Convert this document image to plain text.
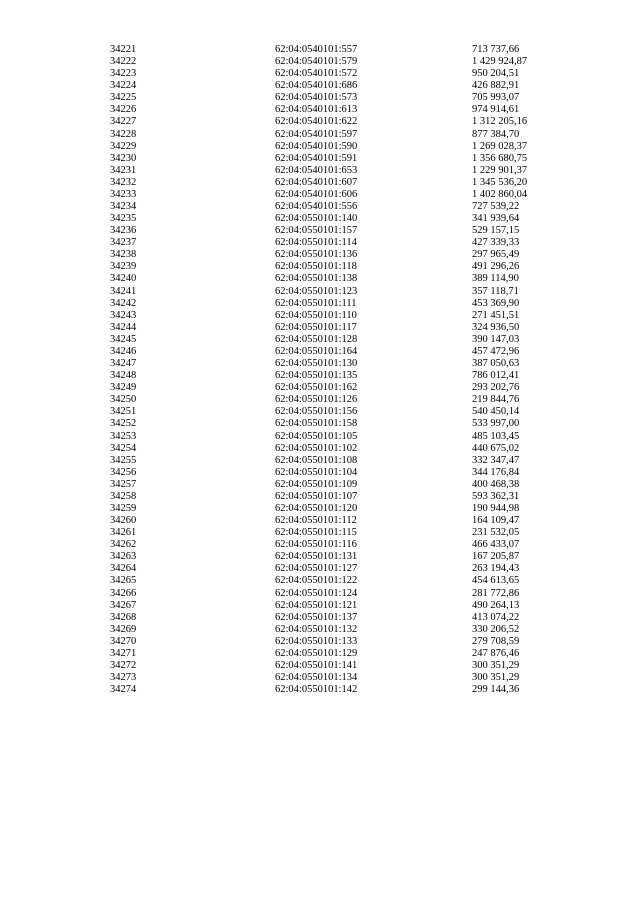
34221	62:04:0540101:557	713 737,66
34222	62:04:0540101:579	1 429 924,87
34223	62:04:0540101:572	950 204,51
34224	62:04:0540101:686	426 882,91
34225	62:04:0540101:573	705 993,07
34226	62:04:0540101:613	974 914,61
34227	62:04:0540101:622	1 312 205,16
34228	62:04:0540101:597	877 384,70
34229	62:04:0540101:590	1 269 028,37
34230	62:04:0540101:591	1 356 680,75
34231	62:04:0540101:653	1 229 901,37
34232	62:04:0540101:607	1 345 536,20
34233	62:04:0540101:606	1 402 860,04
34234	62:04:0540101:556	727 539,22
34235	62:04:0550101:140	341 939,64
34236	62:04:0550101:157	529 157,15
34237	62:04:0550101:114	427 339,33
34238	62:04:0550101:136	297 965,49
34239	62:04:0550101:118	491 296,26
34240	62:04:0550101:138	389 114,90
34241	62:04:0550101:123	357 118,71
34242	62:04:0550101:111	453 369,90
34243	62:04:0550101:110	271 451,51
34244	62:04:0550101:117	324 936,50
34245	62:04:0550101:128	390 147,03
34246	62:04:0550101:164	457 472,96
34247	62:04:0550101:130	387 050,63
34248	62:04:0550101:135	786 012,41
34249	62:04:0550101:162	293 202,76
34250	62:04:0550101:126	219 844,76
34251	62:04:0550101:156	540 450,14
34252	62:04:0550101:158	533 997,00
34253	62:04:0550101:105	485 103,45
34254	62:04:0550101:102	440 675,02
34255	62:04:0550101:108	332 347,47
34256	62:04:0550101:104	344 176,84
34257	62:04:0550101:109	400 468,38
34258	62:04:0550101:107	593 362,31
34259	62:04:0550101:120	190 944,98
34260	62:04:0550101:112	164 109,47
34261	62:04:0550101:115	231 532,05
34262	62:04:0550101:116	466 433,07
34263	62:04:0550101:131	167 205,87
34264	62:04:0550101:127	263 194,43
34265	62:04:0550101:122	454 613,65
34266	62:04:0550101:124	281 772,86
34267	62:04:0550101:121	490 264,13
34268	62:04:0550101:137	413 074,22
34269	62:04:0550101:132	330 206,52
34270	62:04:0550101:133	279 708,59
34271	62:04:0550101:129	247 876,46
34272	62:04:0550101:141	300 351,29
34273	62:04:0550101:134	300 351,29
34274	62:04:0550101:142	299 144,36
